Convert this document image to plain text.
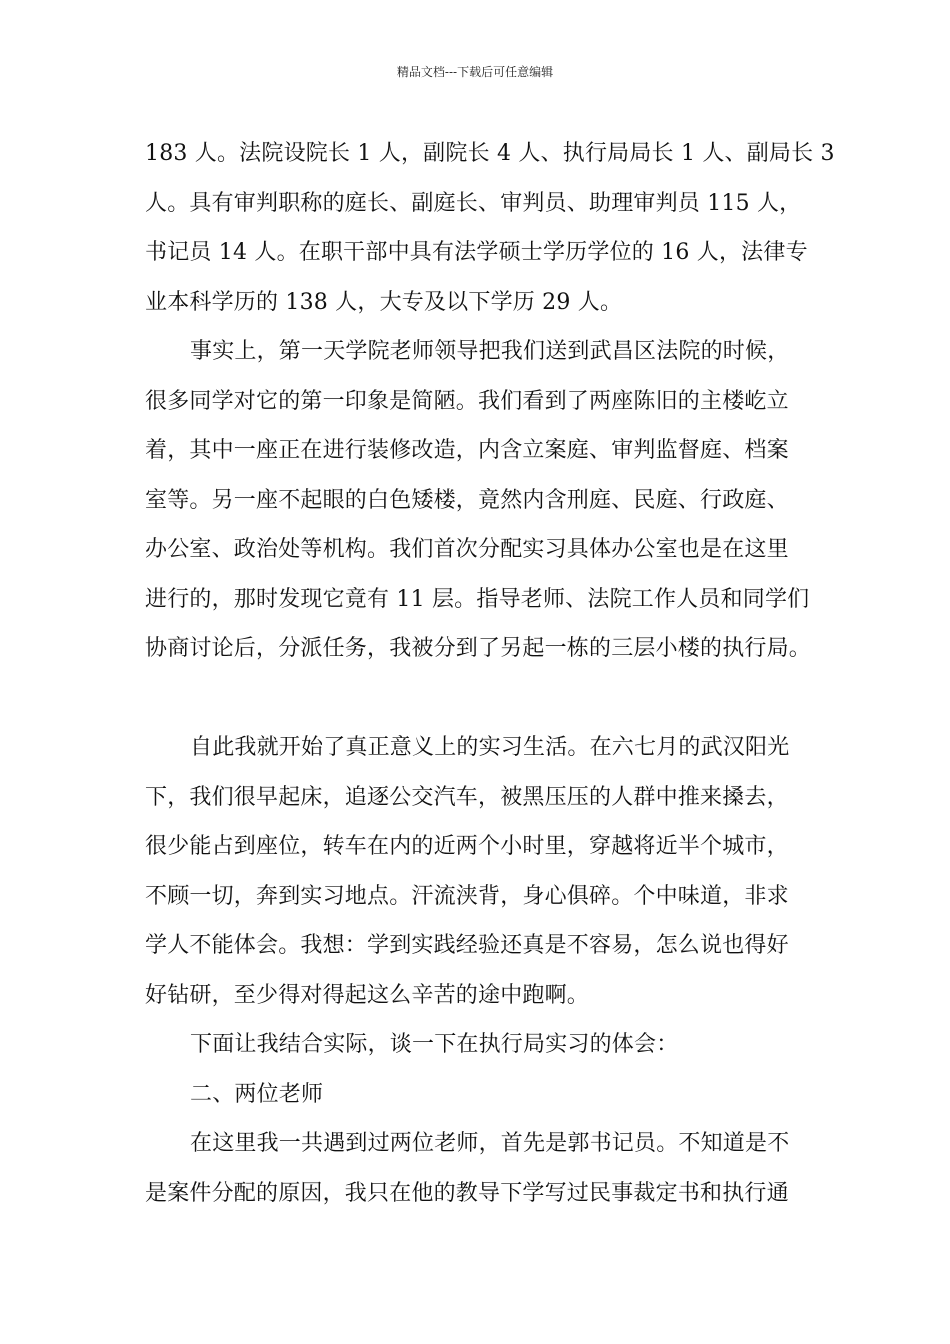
精品文档---下载后可任意编辑
183 人。法院设院长 1 人，副院长 4 人、执行局局长 1 人、副局长 3
人。具有审判职称的庭长、副庭长、审判员、助理审判员 115 人，
书记员 14 人。在职干部中具有法学硕士学历学位的 16 人，法律专
业本科学历的 138 人，大专及以下学历 29 人。
事实上，第一天学院老师领导把我们送到武昌区法院的时候，
很多同学对它的第一印象是简陋。我们看到了两座陈旧的主楼屹立
着，其中一座正在进行装修改造，内含立案庭、审判监督庭、档案
室等。另一座不起眼的白色矮楼，竟然内含刑庭、民庭、行政庭、
办公室、政治处等机构。我们首次分配实习具体办公室也是在这里
进行的，那时发现它竟有 11 层。指导老师、法院工作人员和同学们
协商讨论后，分派任务，我被分到了另起一栋的三层小楼的执行局。
自此我就开始了真正意义上的实习生活。在六七月的武汉阳光
下，我们很早起床，追逐公交汽车，被黑压压的人群中推来搡去，
很少能占到座位，转车在内的近两个小时里，穿越将近半个城市，
不顾一切，奔到实习地点。汗流浃背，身心俱碎。个中味道，非求
学人不能体会。我想：学到实践经验还真是不容易，怎么说也得好
好钻研，至少得对得起这么辛苦的途中跑啊。
下面让我结合实际，谈一下在执行局实习的体会：
二、两位老师
在这里我一共遇到过两位老师，首先是郭书记员。不知道是不
是案件分配的原因，我只在他的教导下学写过民事裁定书和执行通
